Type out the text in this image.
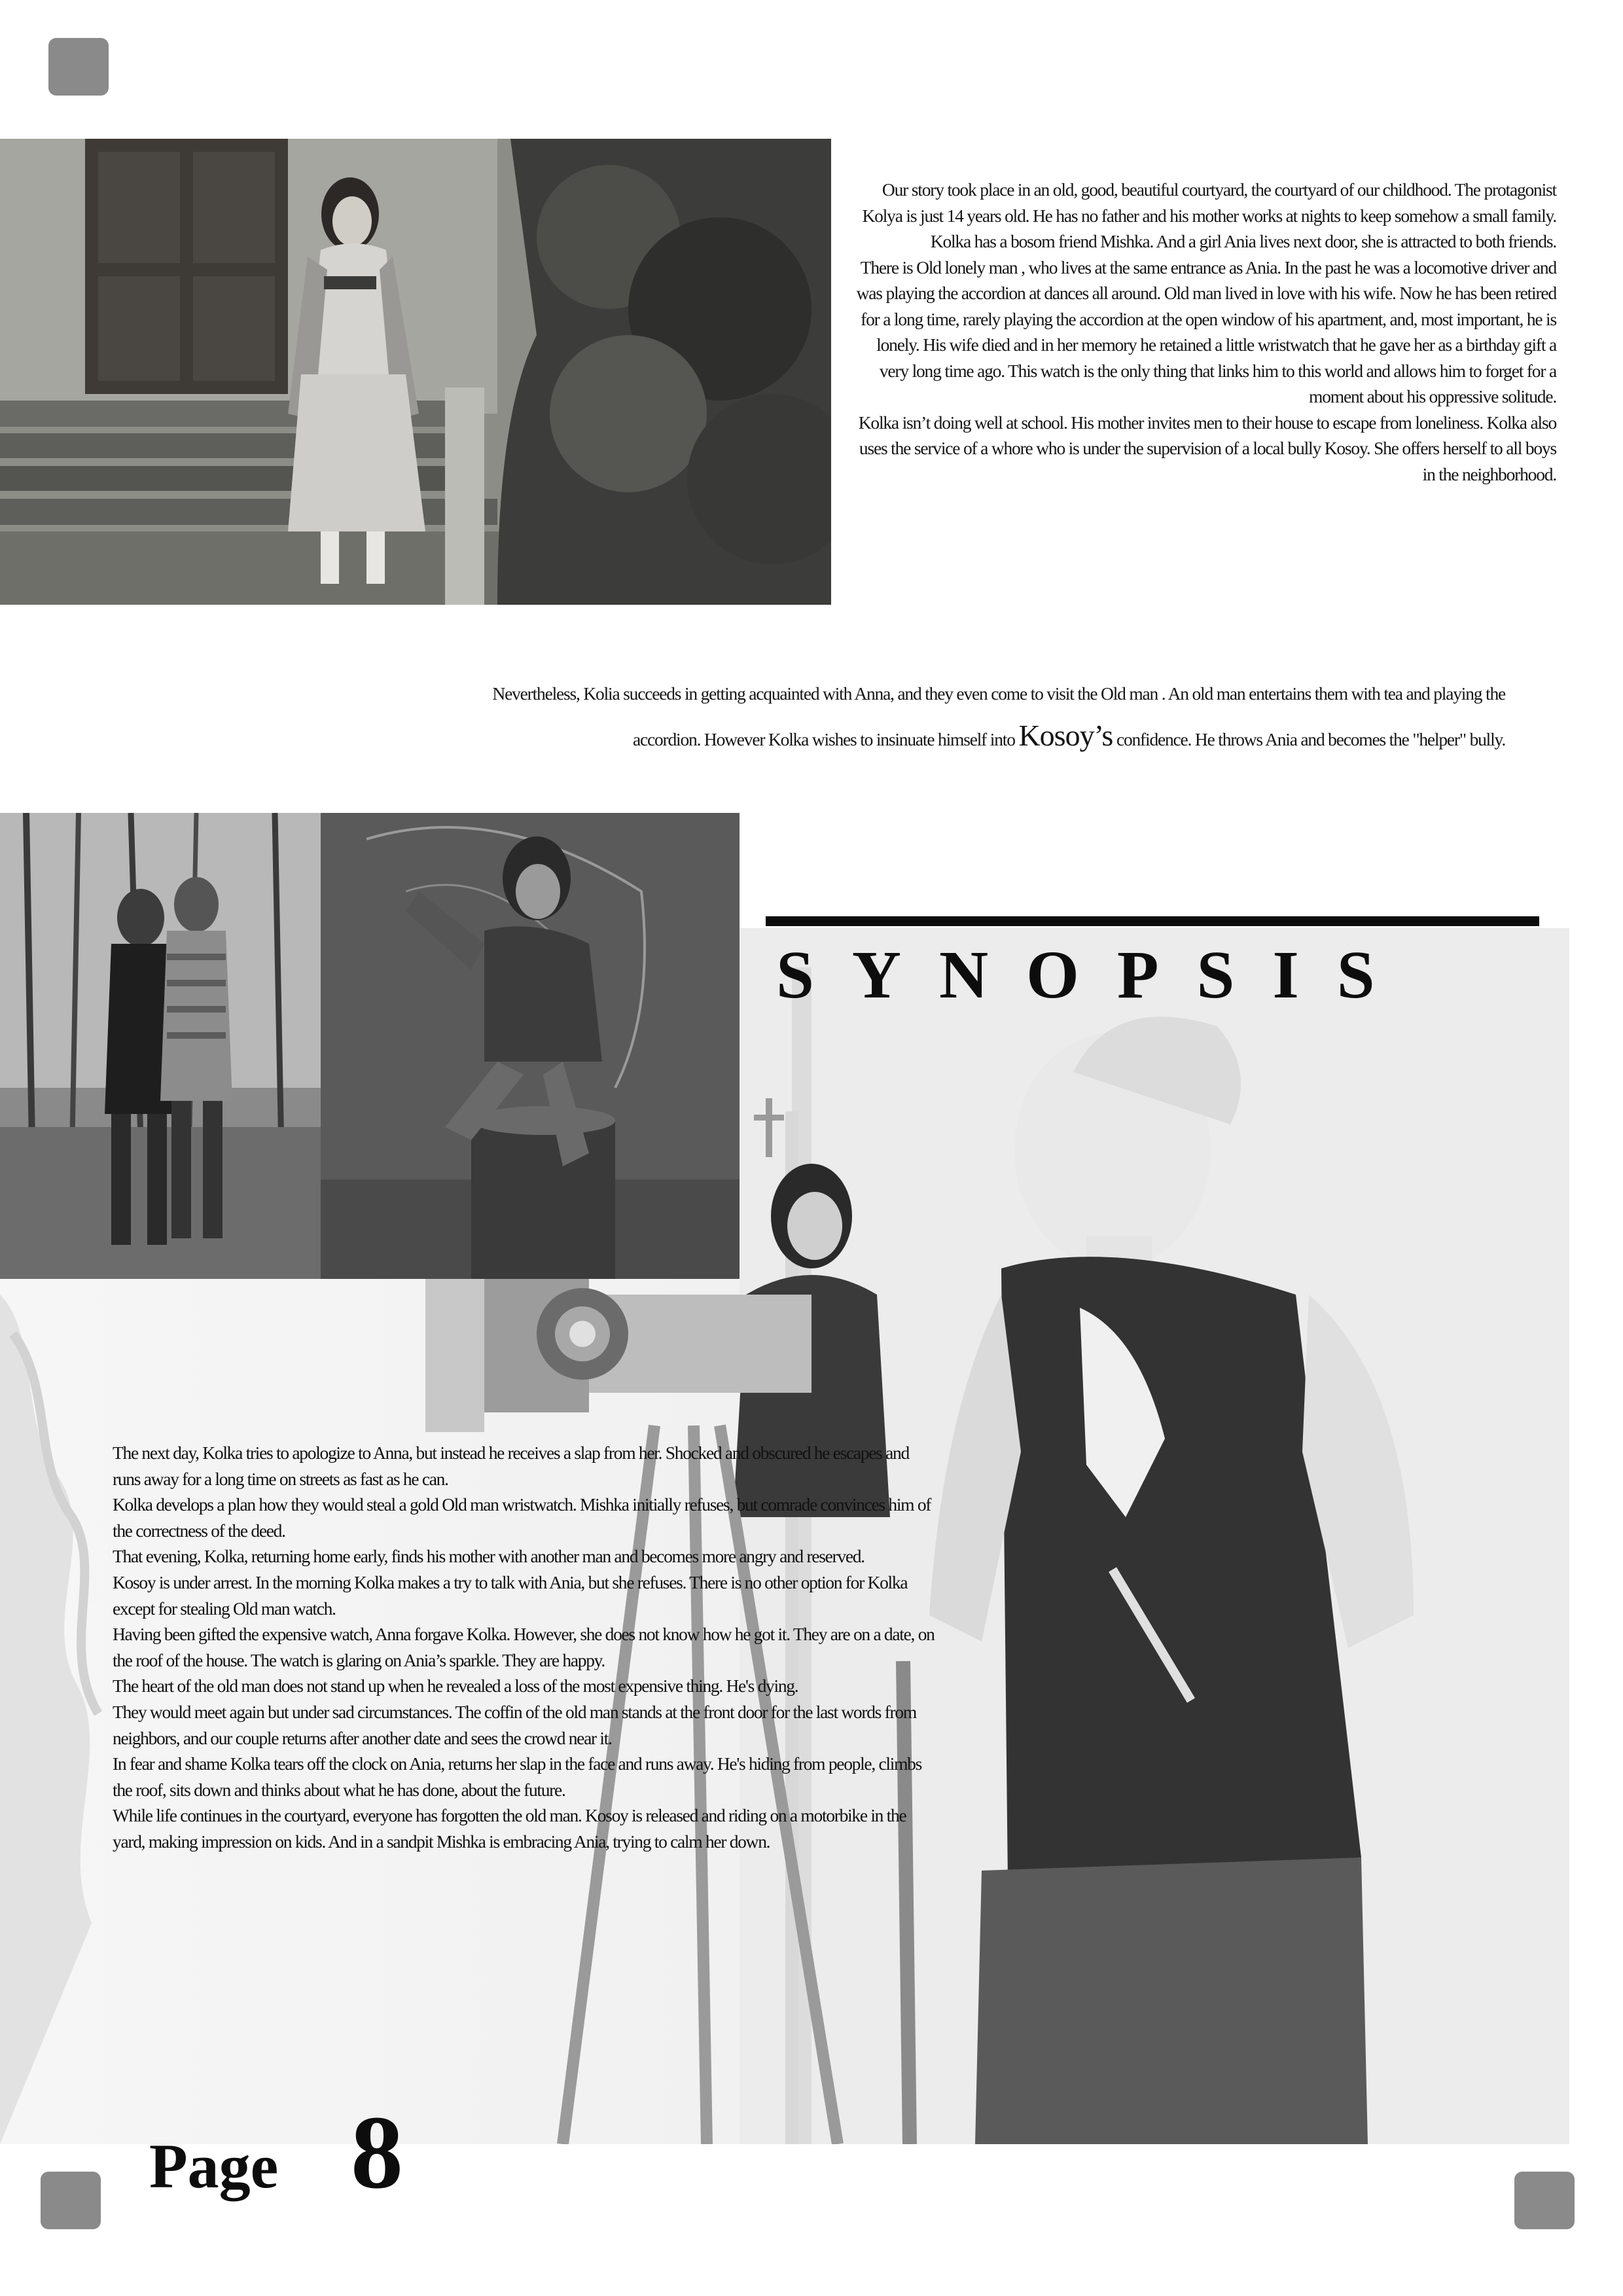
Our story took place in an old, good, beautiful courtyard, the courtyard of our childhood. The protagonist Kolya is just 14 years old. He has no father and his mother works at nights to keep somehow a small family. Kolka has a bosom friend Mishka. And a girl Ania lives next door, she is attracted to both friends.

There is Old lonely man , who lives at the same entrance as Ania. In the past he was a locomotive driver and was playing the accordion at dances all around. Old man lived in love with his wife. Now he has been retired for a long time, rarely playing the accordion at the open window of his apartment, and, most important, he is lonely. His wife died and in her memory he retained a little wristwatch that he gave her as a birthday gift a very long time ago. This watch is the only thing that links him to this world and allows him to forget for a moment about his oppressive solitude.

Kolka isn’t doing well at school. His mother invites men to their house to escape from loneliness. Kolka also uses the service of a whore who is under the supervision of a local bully Kosoy. She offers herself to all boys in the neighborhood.

Nevertheless, Kolia succeeds in getting acquainted with Anna, and they even come to visit the Old man . An old man entertains them with tea and playing the

accordion. However Kolka wishes to insinuate himself into Kosoy’s confidence. He throws Ania and becomes the "helper" bully.

SYNOPSIS

The next day, Kolka tries to apologize to Anna, but instead he receives a slap from her. Shocked and obscured he escapes and runs away for a long time on streets as fast as he can.

Kolka develops a plan how they would steal a gold Old man wristwatch. Mishka initially refuses, but comrade convinces him of the correctness of the deed.

That evening, Kolka, returning home early, finds his mother with another man and becomes more angry and reserved.

Kosoy is under arrest. In the morning Kolka makes a try to talk with Ania, but she refuses. There is no other option for Kolka except for stealing Old man watch.

Having been gifted the expensive watch, Anna forgave Kolka. However, she does not know how he got it. They are on a date, on the roof of the house. The watch is glaring on Ania’s sparkle. They are happy.

The heart of the old man does not stand up when he revealed a loss of the most expensive thing. He's dying.

They would meet again but under sad circumstances. The coffin of the old man stands at the front door for the last words from neighbors, and our couple returns after another date and sees the crowd near it.

In fear and shame Kolka tears off the clock on Ania, returns her slap in the face and runs away. He's hiding from people, climbs the roof, sits down and thinks about what he has done, about the future.

While life continues in the courtyard, everyone has forgotten the old man. Kosoy is released and riding on a motorbike in the yard, making impression on kids. And in a sandpit Mishka is embracing Ania, trying to calm her down.

Page 8
